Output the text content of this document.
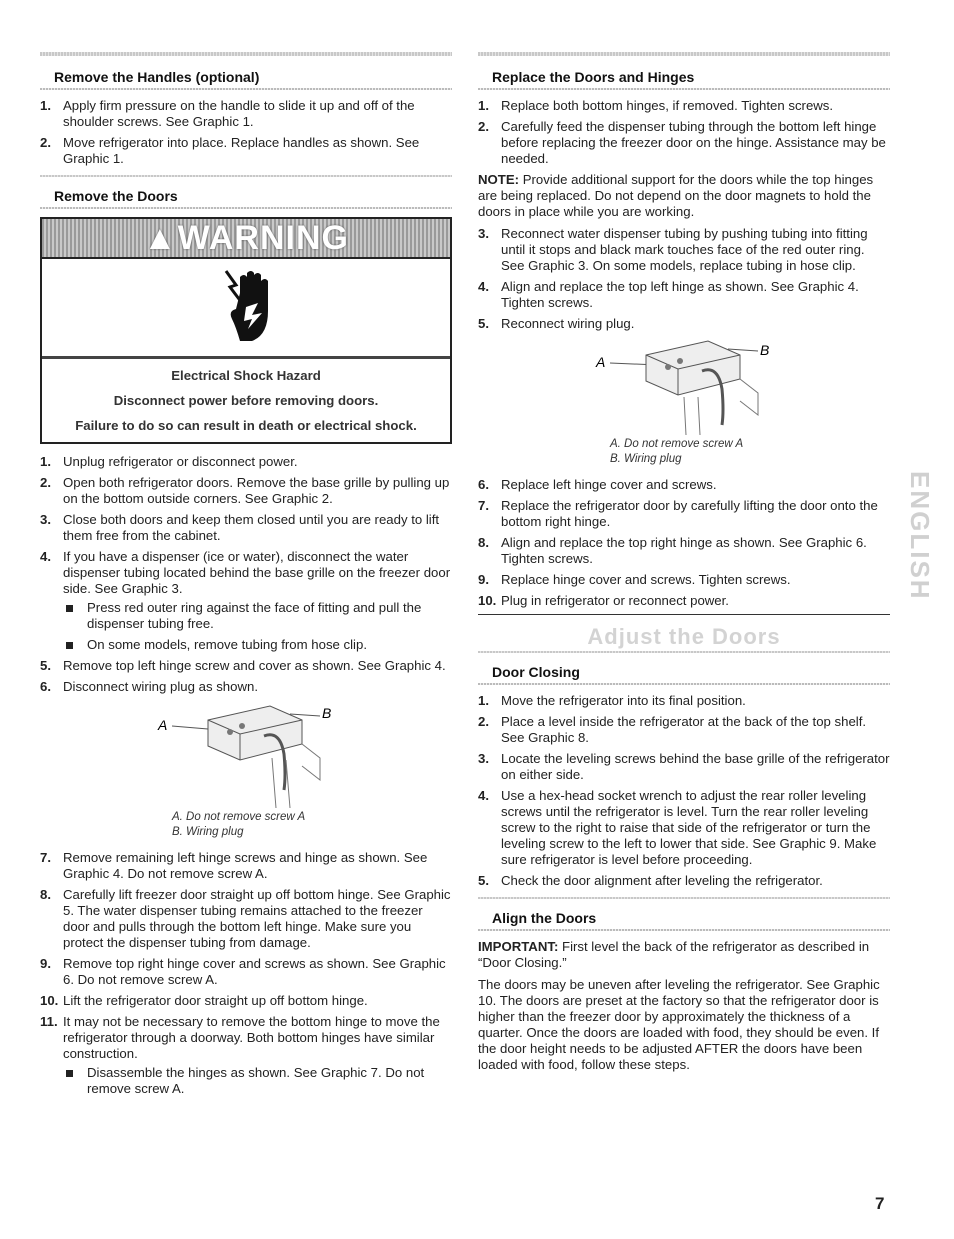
Remove the Handles (optional)
1. Apply firm pressure on the handle to slide it up and off of the shoulder screws. See Graphic 1.
2. Move refrigerator into place. Replace handles as shown. See Graphic 1.
Remove the Doors
▲WARNING
Electrical Shock Hazard
Disconnect power before removing doors.
Failure to do so can result in death or electrical shock.
1. Unplug refrigerator or disconnect power.
2. Open both refrigerator doors. Remove the base grille by pulling up on the bottom outside corners. See Graphic 2.
3. Close both doors and keep them closed until you are ready to lift them free from the cabinet.
4. If you have a dispenser (ice or water), disconnect the water dispenser tubing located behind the base grille on the freezer door side. See Graphic 3.
Press red outer ring against the face of fitting and pull the dispenser tubing free.
On some models, remove tubing from hose clip.
5. Remove top left hinge screw and cover as shown. See Graphic 4.
6. Disconnect wiring plug as shown.
A
B
A. Do not remove screw A
B. Wiring plug
7. Remove remaining left hinge screws and hinge as shown. See Graphic 4. Do not remove screw A.
8. Carefully lift freezer door straight up off bottom hinge. See Graphic 5. The water dispenser tubing remains attached to the freezer door and pulls through the bottom left hinge. Make sure you protect the dispenser tubing from damage.
9. Remove top right hinge cover and screws as shown. See Graphic 6. Do not remove screw A.
10. Lift the refrigerator door straight up off bottom hinge.
11. It may not be necessary to remove the bottom hinge to move the refrigerator through a doorway. Both bottom hinges have similar construction.
Disassemble the hinges as shown. See Graphic 7. Do not remove screw A.
Replace the Doors and Hinges
1. Replace both bottom hinges, if removed. Tighten screws.
2. Carefully feed the dispenser tubing through the bottom left hinge before replacing the freezer door on the hinge. Assistance may be needed.

NOTE: Provide additional support for the doors while the top hinges are being replaced. Do not depend on the door magnets to hold the doors in place while you are working.

3. Reconnect water dispenser tubing by pushing tubing into fitting until it stops and black mark touches face of the red outer ring. See Graphic 3. On some models, replace tubing in hose clip.
4. Align and replace the top left hinge as shown. See Graphic 4. Tighten screws.
5. Reconnect wiring plug.
A
B
A. Do not remove screw A
B. Wiring plug
6. Replace left hinge cover and screws.
7. Replace the refrigerator door by carefully lifting the door onto the bottom right hinge.
8. Align and replace the top right hinge as shown. See Graphic 6. Tighten screws.
9. Replace hinge cover and screws. Tighten screws.
10. Plug in refrigerator or reconnect power.
Adjust the Doors
Door Closing
1. Move the refrigerator into its final position.
2. Place a level inside the refrigerator at the back of the top shelf. See Graphic 8.
3. Locate the leveling screws behind the base grille of the refrigerator on either side.
4. Use a hex-head socket wrench to adjust the rear roller leveling screws until the refrigerator is level. Turn the rear roller leveling screw to the right to raise that side of the refrigerator or turn the leveling screw to the left to lower that side. See Graphic 9. Make sure refrigerator is level before proceeding.
5. Check the door alignment after leveling the refrigerator.
Align the Doors

IMPORTANT: First level the back of the refrigerator as described in “Door Closing.”

The doors may be uneven after leveling the refrigerator. See Graphic 10. The doors are preset at the factory so that the refrigerator door is higher than the freezer door by approximately the thickness of a quarter. Once the doors are loaded with food, they should be even. If the door height needs to be adjusted AFTER the doors have been loaded with food, follow these steps.

ENGLISH
7
